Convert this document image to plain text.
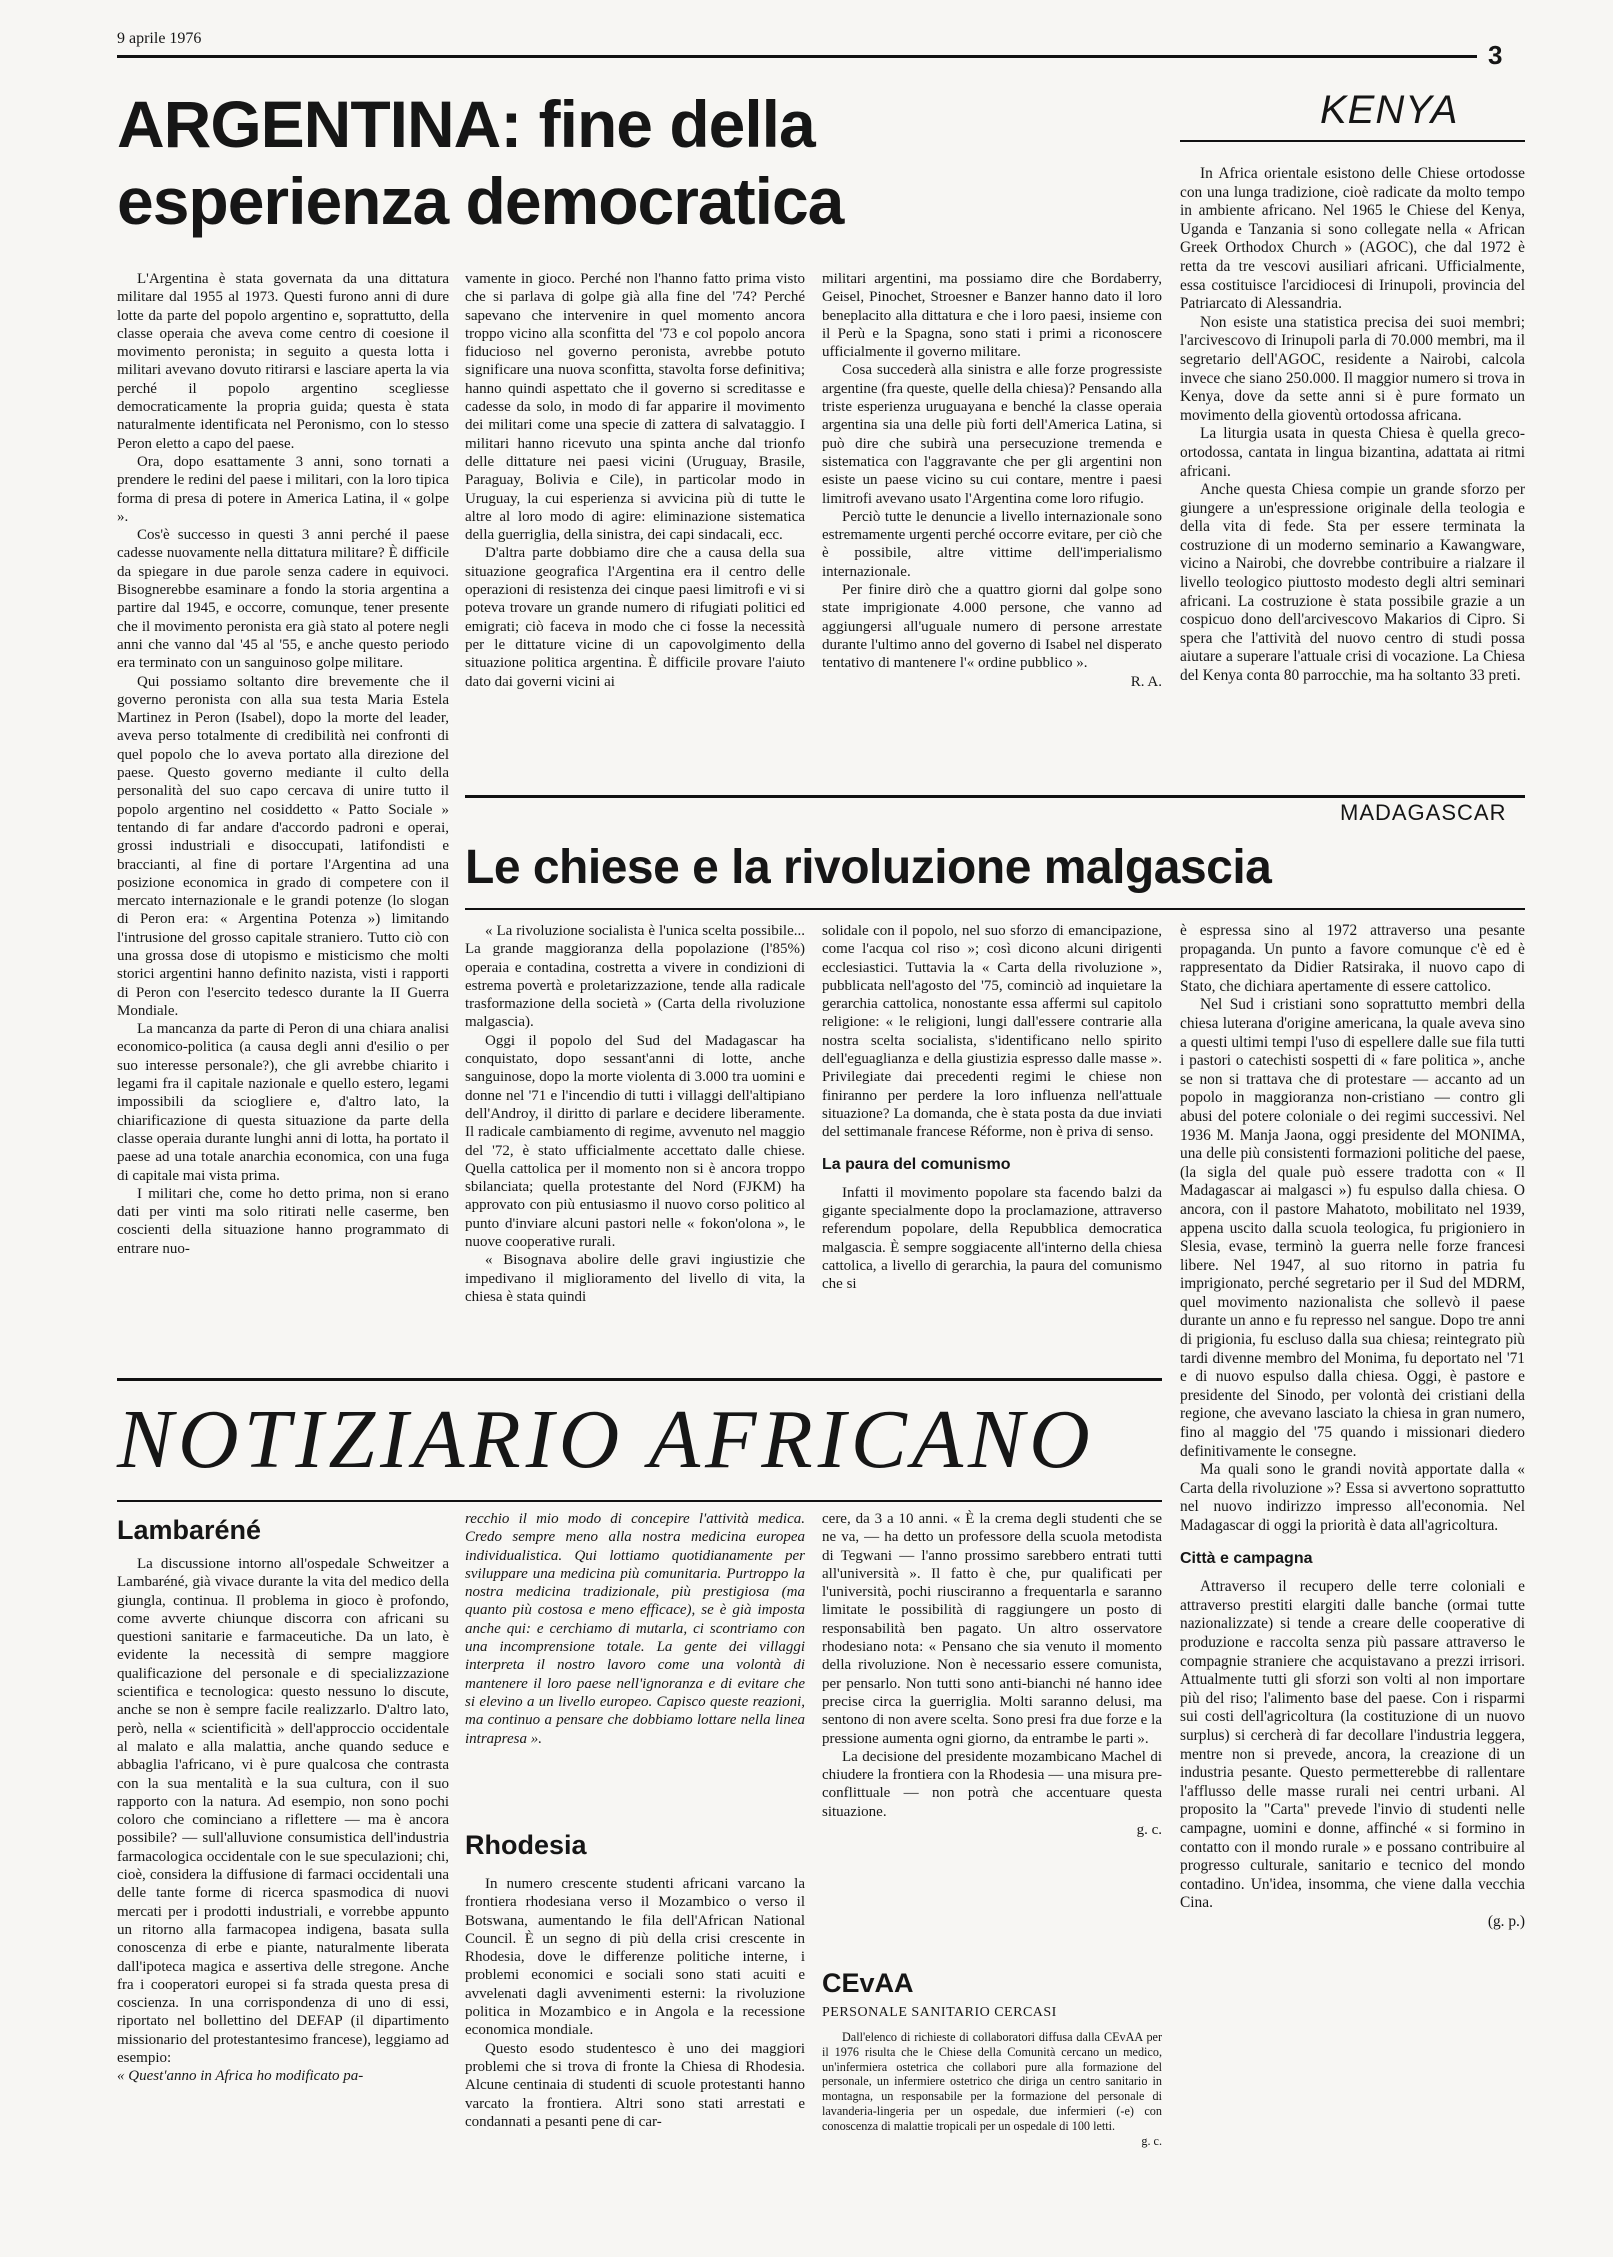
9 aprile 1976
3
ARGENTINA: fine della
esperienza democratica
KENYA

In Africa orientale esistono delle Chiese ortodosse con una lunga tradizione, cioè radicate da molto tempo in ambiente africano. Nel 1965 le Chiese del Kenya, Uganda e Tanzania si sono collegate nella « African Greek Orthodox Church » (AGOC), che dal 1972 è retta da tre vescovi ausiliari africani. Ufficialmente, essa costituisce l'arcidiocesi di Irinupoli, provincia del Patriarcato di Alessandria.

Non esiste una statistica precisa dei suoi membri; l'arcivescovo di Irinupoli parla di 70.000 membri, ma il segretario dell'AGOC, residente a Nairobi, calcola invece che siano 250.000. Il maggior numero si trova in Kenya, dove da sette anni si è pure formato un movimento della gioventù ortodossa africana.

La liturgia usata in questa Chiesa è quella greco-ortodossa, cantata in lingua bizantina, adattata ai ritmi africani.

Anche questa Chiesa compie un grande sforzo per giungere a un'espressione originale della teologia e della vita di fede. Sta per essere terminata la costruzione di un moderno seminario a Kawangware, vicino a Nairobi, che dovrebbe contribuire a rialzare il livello teologico piuttosto modesto degli altri seminari africani. La costruzione è stata possibile grazie a un cospicuo dono dell'arcivescovo Makarios di Cipro. Si spera che l'attività del nuovo centro di studi possa aiutare a superare l'attuale crisi di vocazione. La Chiesa del Kenya conta 80 parrocchie, ma ha soltanto 33 preti.

L'Argentina è stata governata da una dittatura militare dal 1955 al 1973. Questi furono anni di dure lotte da parte del popolo argentino e, soprattutto, della classe operaia che aveva come centro di coesione il movimento peronista; in seguito a questa lotta i militari avevano dovuto ritirarsi e lasciare aperta la via perché il popolo argentino scegliesse democraticamente la propria guida; questa è stata naturalmente identificata nel Peronismo, con lo stesso Peron eletto a capo del paese.

Ora, dopo esattamente 3 anni, sono tornati a prendere le redini del paese i militari, con la loro tipica forma di presa di potere in America Latina, il « golpe ».

Cos'è successo in questi 3 anni perché il paese cadesse nuovamente nella dittatura militare? È difficile da spiegare in due parole senza cadere in equivoci. Bisognerebbe esaminare a fondo la storia argentina a partire dal 1945, e occorre, comunque, tener presente che il movimento peronista era già stato al potere negli anni che vanno dal '45 al '55, e anche questo periodo era terminato con un sanguinoso golpe militare.

Qui possiamo soltanto dire brevemente che il governo peronista con alla sua testa Maria Estela Martinez in Peron (Isabel), dopo la morte del leader, aveva perso totalmente di credibilità nei confronti di quel popolo che lo aveva portato alla direzione del paese. Questo governo mediante il culto della personalità del suo capo cercava di unire tutto il popolo argentino nel cosiddetto « Patto Sociale » tentando di far andare d'accordo padroni e operai, grossi industriali e disoccupati, latifondisti e braccianti, al fine di portare l'Argentina ad una posizione economica in grado di competere con il mercato internazionale e le grandi potenze (lo slogan di Peron era: « Argentina Potenza ») limitando l'intrusione del grosso capitale straniero. Tutto ciò con una grossa dose di utopismo e misticismo che molti storici argentini hanno definito nazista, visti i rapporti di Peron con l'esercito tedesco durante la II Guerra Mondiale.

La mancanza da parte di Peron di una chiara analisi economico-politica (a causa degli anni d'esilio o per suo interesse personale?), che gli avrebbe chiarito i legami fra il capitale nazionale e quello estero, legami impossibili da sciogliere e, d'altro lato, la chiarificazione di questa situazione da parte della classe operaia durante lunghi anni di lotta, ha portato il paese ad una totale anarchia economica, con una fuga di capitale mai vista prima.

I militari che, come ho detto prima, non si erano dati per vinti ma solo ritirati nelle caserme, ben coscienti della situazione hanno programmato di entrare nuo-

vamente in gioco. Perché non l'hanno fatto prima visto che si parlava di golpe già alla fine del '74? Perché sapevano che intervenire in quel momento ancora troppo vicino alla sconfitta del '73 e col popolo ancora fiducioso nel governo peronista, avrebbe potuto significare una nuova sconfitta, stavolta forse definitiva; hanno quindi aspettato che il governo si screditasse e cadesse da solo, in modo di far apparire il movimento dei militari come una specie di zattera di salvataggio. I militari hanno ricevuto una spinta anche dal trionfo delle dittature nei paesi vicini (Uruguay, Brasile, Paraguay, Bolivia e Cile), in particolar modo in Uruguay, la cui esperienza si avvicina più di tutte le altre al loro modo di agire: eliminazione sistematica della guerriglia, della sinistra, dei capi sindacali, ecc.

D'altra parte dobbiamo dire che a causa della sua situazione geografica l'Argentina era il centro delle operazioni di resistenza dei cinque paesi limitrofi e vi si poteva trovare un grande numero di rifugiati politici ed emigrati; ciò faceva in modo che ci fosse la necessità per le dittature vicine di un capovolgimento della situazione politica argentina. È difficile provare l'aiuto dato dai governi vicini ai

militari argentini, ma possiamo dire che Bordaberry, Geisel, Pinochet, Stroesner e Banzer hanno dato il loro beneplacito alla dittatura e che i loro paesi, insieme con il Perù e la Spagna, sono stati i primi a riconoscere ufficialmente il governo militare.

Cosa succederà alla sinistra e alle forze progressiste argentine (fra queste, quelle della chiesa)? Pensando alla triste esperienza uruguayana e benché la classe operaia argentina sia una delle più forti dell'America Latina, si può dire che subirà una persecuzione tremenda e sistematica con l'aggravante che per gli argentini non esiste un paese vicino su cui contare, mentre i paesi limitrofi avevano usato l'Argentina come loro rifugio.

Perciò tutte le denuncie a livello internazionale sono estremamente urgenti perché occorre evitare, per ciò che è possibile, altre vittime dell'imperialismo internazionale.

Per finire dirò che a quattro giorni dal golpe sono state imprigionate 4.000 persone, che vanno ad aggiungersi all'uguale numero di persone arrestate durante l'ultimo anno del governo di Isabel nel disperato tentativo di mantenere l'« ordine pubblico ».

R. A.
MADAGASCAR
Le chiese e la rivoluzione malgascia

« La rivoluzione socialista è l'unica scelta possibile... La grande maggioranza della popolazione (l'85%) operaia e contadina, costretta a vivere in condizioni di estrema povertà e proletarizzazione, tende alla radicale trasformazione della società » (Carta della rivoluzione malgascia).

Oggi il popolo del Sud del Madagascar ha conquistato, dopo sessant'anni di lotte, anche sanguinose, dopo la morte violenta di 3.000 tra uomini e donne nel '71 e l'incendio di tutti i villaggi dell'altipiano dell'Androy, il diritto di parlare e decidere liberamente. Il radicale cambiamento di regime, avvenuto nel maggio del '72, è stato ufficialmente accettato dalle chiese. Quella cattolica per il momento non si è ancora troppo sbilanciata; quella protestante del Nord (FJKM) ha approvato con più entusiasmo il nuovo corso politico al punto d'inviare alcuni pastori nelle « fokon'olona », le nuove cooperative rurali.

« Bisognava abolire delle gravi ingiustizie che impedivano il miglioramento del livello di vita, la chiesa è stata quindi

solidale con il popolo, nel suo sforzo di emancipazione, come l'acqua col riso »; così dicono alcuni dirigenti ecclesiastici. Tuttavia la « Carta della rivoluzione », pubblicata nell'agosto del '75, cominciò ad inquietare la gerarchia cattolica, nonostante essa affermi sul capitolo religione: « le religioni, lungi dall'essere contrarie alla nostra scelta socialista, s'identificano nello spirito dell'eguaglianza e della giustizia espresso dalle masse ». Privilegiate dai precedenti regimi le chiese non finiranno per perdere la loro influenza nell'attuale situazione? La domanda, che è stata posta da due inviati del settimanale francese Réforme, non è priva di senso.

La paura del comunismo

Infatti il movimento popolare sta facendo balzi da gigante specialmente dopo la proclamazione, attraverso referendum popolare, della Repubblica democratica malgascia. È sempre soggiacente all'interno della chiesa cattolica, a livello di gerarchia, la paura del comunismo che si

è espressa sino al 1972 attraverso una pesante propaganda. Un punto a favore comunque c'è ed è rappresentato da Didier Ratsiraka, il nuovo capo di Stato, che dichiara apertamente di essere cattolico.

Nel Sud i cristiani sono soprattutto membri della chiesa luterana d'origine americana, la quale aveva sino a questi ultimi tempi l'uso di espellere dalle sue fila tutti i pastori o catechisti sospetti di « fare politica », anche se non si trattava che di protestare — accanto ad un popolo in maggioranza non-cristiano — contro gli abusi del potere coloniale o dei regimi successivi. Nel 1936 M. Manja Jaona, oggi presidente del MONIMA, una delle più consistenti formazioni politiche del paese, (la sigla del quale può essere tradotta con « Il Madagascar ai malgasci ») fu espulso dalla chiesa. O ancora, con il pastore Mahatoto, mobilitato nel 1939, appena uscito dalla scuola teologica, fu prigioniero in Slesia, evase, terminò la guerra nelle forze francesi libere. Nel 1947, al suo ritorno in patria fu imprigionato, perché segretario per il Sud del MDRM, quel movimento nazionalista che sollevò il paese durante un anno e fu represso nel sangue. Dopo tre anni di prigionia, fu escluso dalla sua chiesa; reintegrato più tardi divenne membro del Monima, fu deportato nel '71 e di nuovo espulso dalla chiesa. Oggi, è pastore e presidente del Sinodo, per volontà dei cristiani della regione, che avevano lasciato la chiesa in gran numero, fino al maggio del '75 quando i missionari diedero definitivamente le consegne.

Ma quali sono le grandi novità apportate dalla « Carta della rivoluzione »? Essa si avvertono soprattutto nel nuovo indirizzo impresso all'economia. Nel Madagascar di oggi la priorità è data all'agricoltura.

Città e campagna

Attraverso il recupero delle terre coloniali e attraverso prestiti elargiti dalle banche (ormai tutte nazionalizzate) si tende a creare delle cooperative di produzione e raccolta senza più passare attraverso le compagnie straniere che acquistavano a prezzi irrisori. Attualmente tutti gli sforzi son volti al non importare più del riso; l'alimento base del paese. Con i risparmi sui costi dell'agricoltura (la costituzione di un nuovo surplus) si cercherà di far decollare l'industria leggera, mentre non si prevede, ancora, la creazione di un industria pesante. Questo permetterebbe di rallentare l'afflusso delle masse rurali nei centri urbani. Al proposito la "Carta" prevede l'invio di studenti nelle campagne, uomini e donne, affinché « si formino in contatto con il mondo rurale » e possano contribuire al progresso culturale, sanitario e tecnico del mondo contadino. Un'idea, insomma, che viene dalla vecchia Cina.

(g. p.)
NOTIZIARIO AFRICANO
Lambaréné

La discussione intorno all'ospedale Schweitzer a Lambaréné, già vivace durante la vita del medico della giungla, continua. Il problema in gioco è profondo, come avverte chiunque discorra con africani su questioni sanitarie e farmaceutiche. Da un lato, è evidente la necessità di sempre maggiore qualificazione del personale e di specializzazione scientifica e tecnologica: questo nessuno lo discute, anche se non è sempre facile realizzarlo. D'altro lato, però, nella « scientificità » dell'approccio occidentale al malato e alla malattia, anche quando seduce e abbaglia l'africano, vi è pure qualcosa che contrasta con la sua mentalità e la sua cultura, con il suo rapporto con la natura. Ad esempio, non sono pochi coloro che cominciano a riflettere — ma è ancora possibile? — sull'alluvione consumistica dell'industria farmacologica occidentale con le sue speculazioni; chi, cioè, considera la diffusione di farmaci occidentali una delle tante forme di ricerca spasmodica di nuovi mercati per i prodotti industriali, e vorrebbe appunto un ritorno alla farmacopea indigena, basata sulla conoscenza di erbe e piante, naturalmente liberata dall'ipoteca magica e assertiva delle stregone. Anche fra i cooperatori europei si fa strada questa presa di coscienza. In una corrispondenza di uno di essi, riportato nel bollettino del DEFAP (il dipartimento missionario del protestantesimo francese), leggiamo ad esempio:

« Quest'anno in Africa ho modificato pa-

recchio il mio modo di concepire l'attività medica. Credo sempre meno alla nostra medicina europea individualistica. Qui lottiamo quotidianamente per sviluppare una medicina più comunitaria. Purtroppo la nostra medicina tradizionale, più prestigiosa (ma quanto più costosa e meno efficace), se è già imposta anche qui: e cerchiamo di mutarla, ci scontriamo con una incomprensione totale. La gente dei villaggi interpreta il nostro lavoro come una volontà di mantenere il loro paese nell'ignoranza e di evitare che si elevino a un livello europeo. Capisco queste reazioni, ma continuo a pensare che dobbiamo lottare nella linea intrapresa ».

Rhodesia

In numero crescente studenti africani varcano la frontiera rhodesiana verso il Mozambico o verso il Botswana, aumentando le fila dell'African National Council. È un segno di più della crisi crescente in Rhodesia, dove le differenze politiche interne, i problemi economici e sociali sono stati acuiti e avvelenati dagli avvenimenti esterni: la rivoluzione politica in Mozambico e in Angola e la recessione economica mondiale.

Questo esodo studentesco è uno dei maggiori problemi che si trova di fronte la Chiesa di Rhodesia. Alcune centinaia di studenti di scuole protestanti hanno varcato la frontiera. Altri sono stati arrestati e condannati a pesanti pene di car-

cere, da 3 a 10 anni. « È la crema degli studenti che se ne va, — ha detto un professore della scuola metodista di Tegwani — l'anno prossimo sarebbero entrati tutti all'università ». Il fatto è che, pur qualificati per l'università, pochi riusciranno a frequentarla e saranno limitate le possibilità di raggiungere un posto di responsabilità ben pagato. Un altro osservatore rhodesiano nota: « Pensano che sia venuto il momento della rivoluzione. Non è necessario essere comunista, per pensarlo. Non tutti sono anti-bianchi né hanno idee precise circa la guerriglia. Molti saranno delusi, ma sentono di non avere scelta. Sono presi fra due forze e la pressione aumenta ogni giorno, da entrambe le parti ».

La decisione del presidente mozambicano Machel di chiudere la frontiera con la Rhodesia — una misura pre-conflittuale — non potrà che accentuare questa situazione.

g. c.
CEvAA
PERSONALE SANITARIO CERCASI

Dall'elenco di richieste di collaboratori diffusa dalla CEvAA per il 1976 risulta che le Chiese della Comunità cercano un medico, un'infermiera ostetrica che collabori pure alla formazione del personale, un infermiere ostetrico che diriga un centro sanitario in montagna, un responsabile per la formazione del personale di lavanderia-lingeria per un ospedale, due infermieri (-e) con conoscenza di malattie tropicali per un ospedale di 100 letti.

g. c.
